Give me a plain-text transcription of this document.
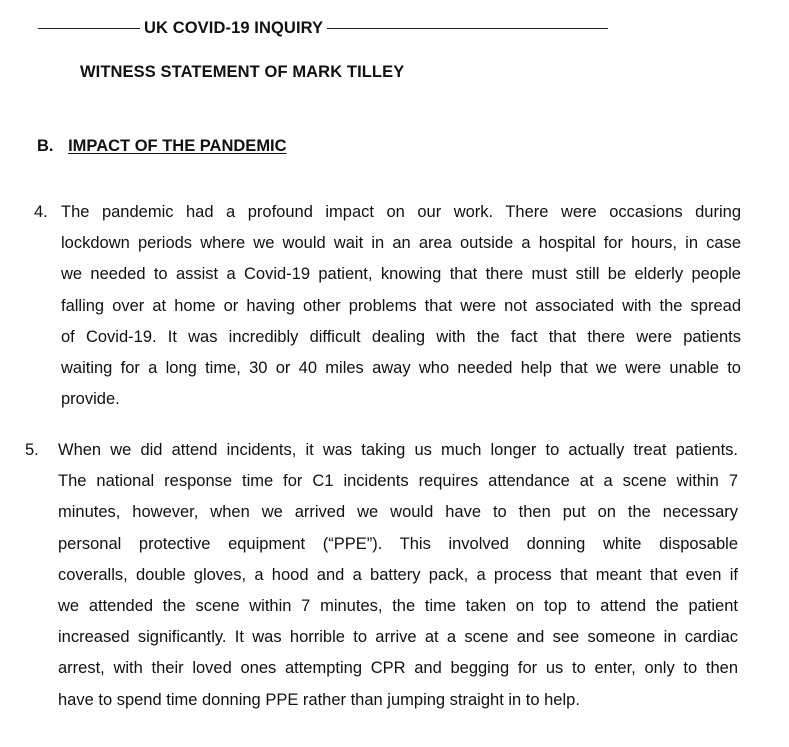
UK COVID-19 INQUIRY
WITNESS STATEMENT OF MARK TILLEY
B. IMPACT OF THE PANDEMIC
4. The pandemic had a profound impact on our work. There were occasions during
lockdown periods where we would wait in an area outside a hospital for hours, in case
we needed to assist a Covid-19 patient, knowing that there must still be elderly people
falling over at home or having other problems that were not associated with the spread
of Covid-19. It was incredibly difficult dealing with the fact that there were patients
waiting for a long time, 30 or 40 miles away who needed help that we were unable to
provide.
5. When we did attend incidents, it was taking us much longer to actually treat patients.
The national response time for C1 incidents requires attendance at a scene within 7
minutes, however, when we arrived we would have to then put on the necessary
personal protective equipment (“PPE”). This involved donning white disposable
coveralls, double gloves, a hood and a battery pack, a process that meant that even if
we attended the scene within 7 minutes, the time taken on top to attend the patient
increased significantly. It was horrible to arrive at a scene and see someone in cardiac
arrest, with their loved ones attempting CPR and begging for us to enter, only to then
have to spend time donning PPE rather than jumping straight in to help.
